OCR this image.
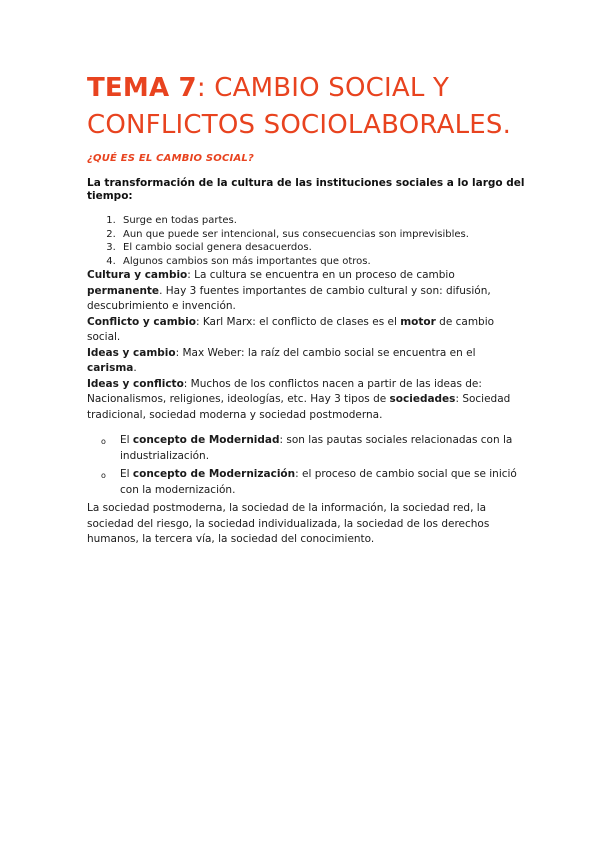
TEMA 7: CAMBIO SOCIAL Y CONFLICTOS SOCIOLABORALES.
¿QUÉ ES EL CAMBIO SOCIAL?
La transformación de la cultura de las instituciones sociales a lo largo del tiempo:
1. Surge en todas partes.
2. Aun que puede ser intencional, sus consecuencias son imprevisibles.
3. El cambio social genera desacuerdos.
4. Algunos cambios son más importantes que otros.

Cultura y cambio: La cultura se encuentra en un proceso de cambio permanente. Hay 3 fuentes importantes de cambio cultural y son: difusión, descubrimiento e invención.

Conflicto y cambio: Karl Marx: el conflicto de clases es el motor de cambio social.

Ideas y cambio: Max Weber: la raíz del cambio social se encuentra en el carisma.

Ideas y conflicto: Muchos de los conflictos nacen a partir de las ideas de: Nacionalismos, religiones, ideologías, etc. Hay 3 tipos de sociedades: Sociedad tradicional, sociedad moderna y sociedad postmoderna.

o El concepto de Modernidad: son las pautas sociales relacionadas con la industrialización.
o El concepto de Modernización: el proceso de cambio social que se inició con la modernización.

La sociedad postmoderna, la sociedad de la información, la sociedad red, la sociedad del riesgo, la sociedad individualizada, la sociedad de los derechos humanos, la tercera vía, la sociedad del conocimiento.
